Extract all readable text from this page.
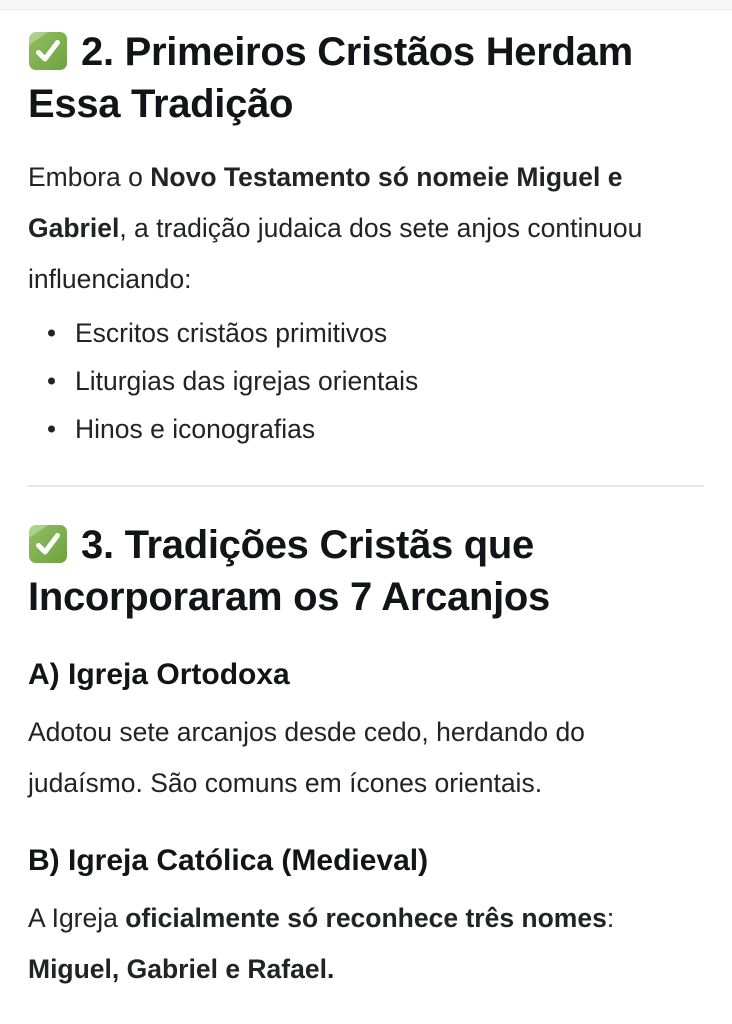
2. Primeiros Cristãos Herdam Essa Tradição

Embora o Novo Testamento só nomeie Miguel e Gabriel, a tradição judaica dos sete anjos continuou influenciando:

Escritos cristãos primitivos
Liturgias das igrejas orientais
Hinos e iconografias
3. Tradições Cristãs que Incorporaram os 7 Arcanjos
A) Igreja Ortodoxa

Adotou sete arcanjos desde cedo, herdando do judaísmo. São comuns em ícones orientais.

B) Igreja Católica (Medieval)

A Igreja oficialmente só reconhece três nomes: Miguel, Gabriel e Rafael.
